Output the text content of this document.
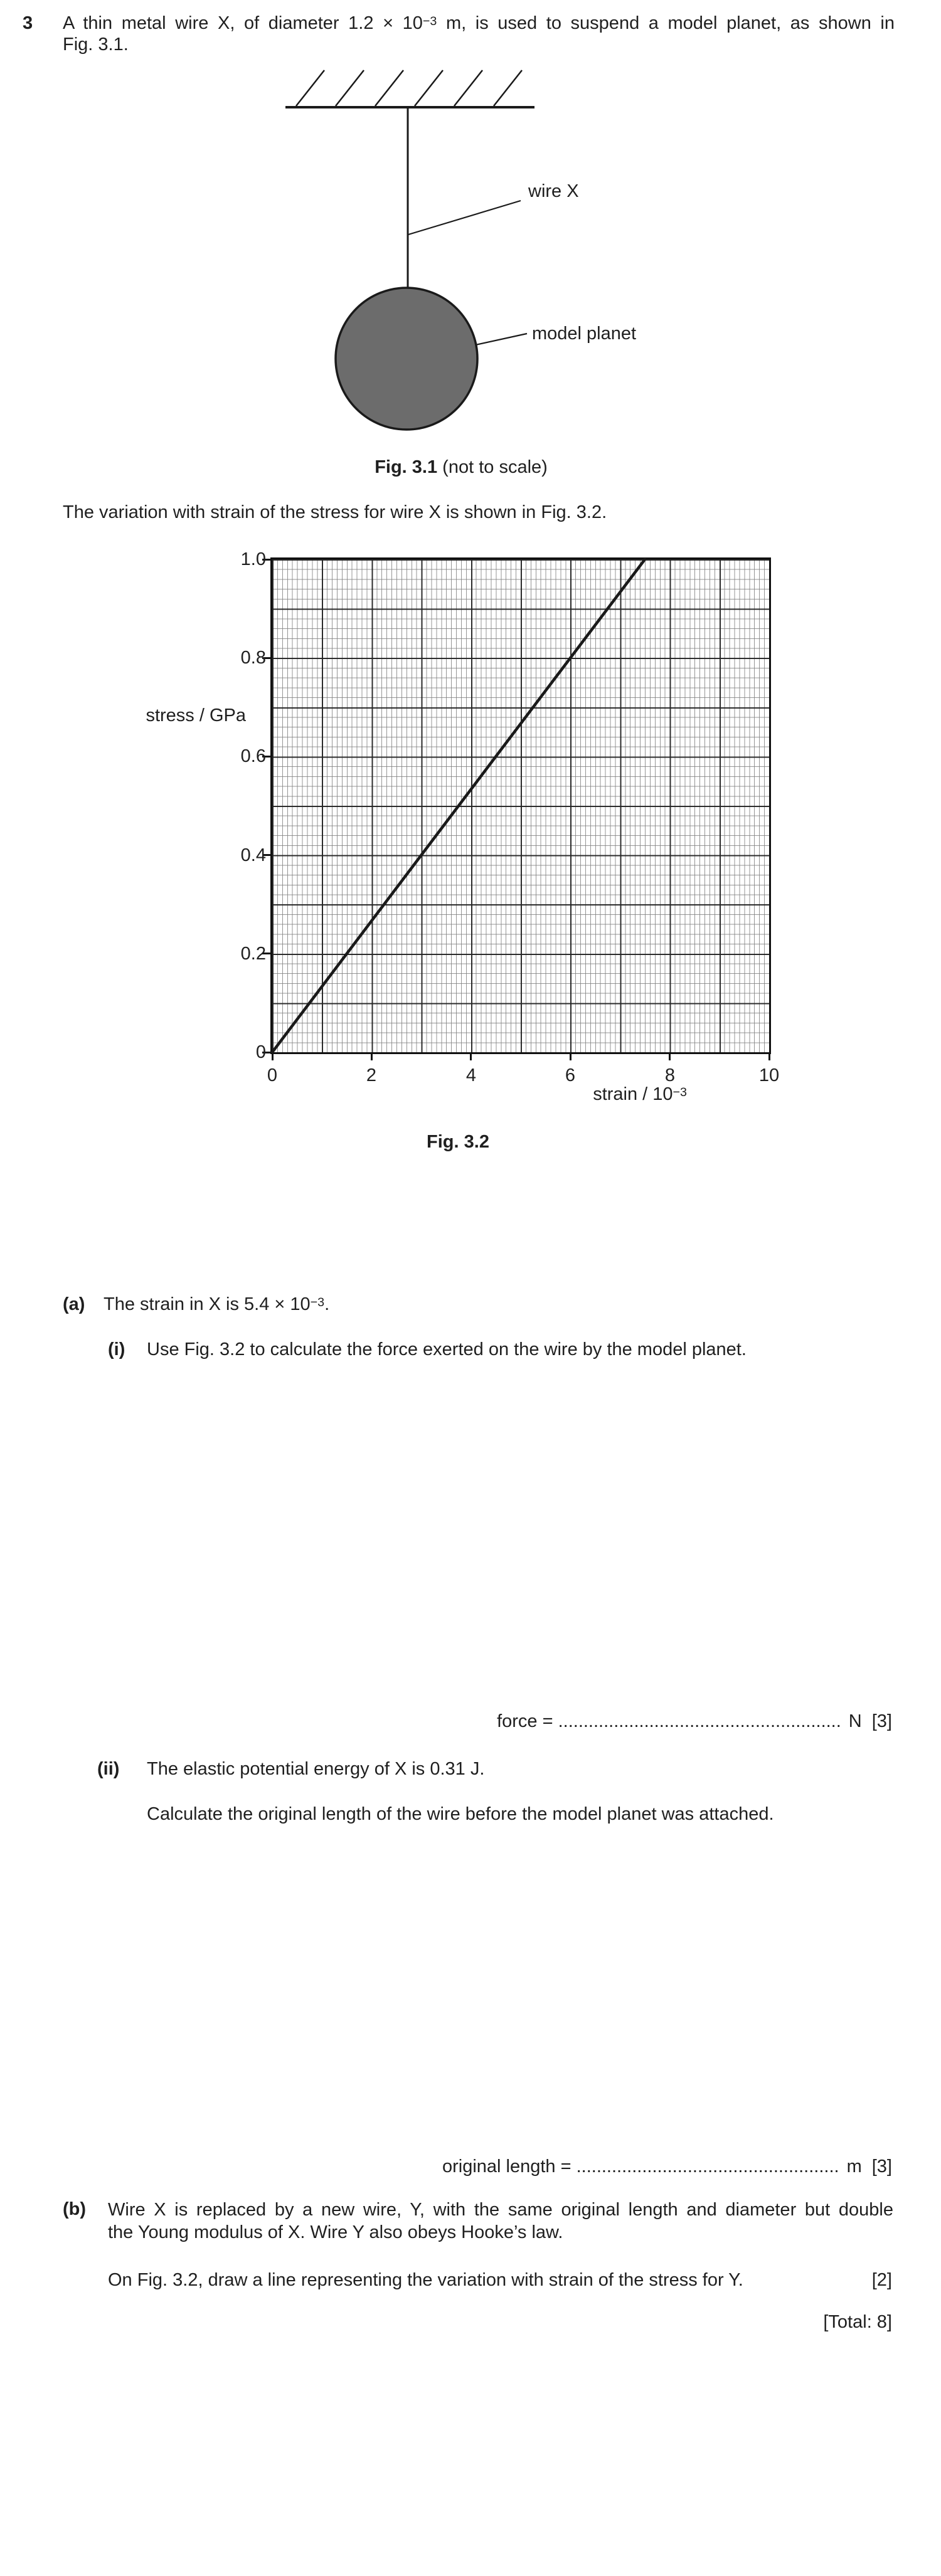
3 A thin metal wire X, of diameter $1.2 \times 10^{-3}$ m, is used to suspend a model planet, as shown in
Fig. 3.1.
wire X
model planet
Fig. 3.1 (not to scale)
The variation with strain of the stress for wire X is shown in Fig. 3.2.
1.0
0.8
0.6
0.4
0.2
0
0	2	4	6	8	10
stress / GPa
strain / $10^{-3}$
Fig. 3.2
(a) The strain in X is $5.4 \times 10^{-3}$.
(i) Use Fig. 3.2 to calculate the force exerted on the wire by the model planet.
force = ........................................................ N [3]
(ii) The elastic potential energy of X is 0.31 J.
Calculate the original length of the wire before the model planet was attached.
original length = .................................................... m [3]
(b) Wire X is replaced by a new wire, Y, with the same original length and diameter but double
the Young modulus of X. Wire Y also obeys Hooke’s law.
On Fig. 3.2, draw a line representing the variation with strain of the stress for Y.	[2]
[Total: 8]
